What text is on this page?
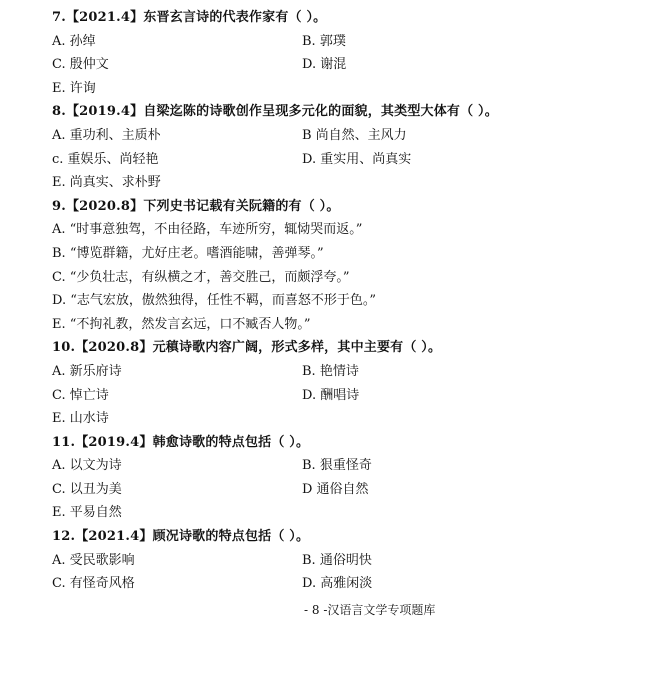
7.【2021.4】东晋玄言诗的代表作家有（ ）。
A. 孙绰	B. 郭璞
C. 殷仲文	D. 谢混
E. 许询
8.【2019.4】自梁迄陈的诗歌创作呈现多元化的面貌，其类型大体有（ ）。
A. 重功利、主质朴	B 尚自然、主风力
c. 重娱乐、尚轻艳	D. 重实用、尚真实
E. 尚真实、求朴野
9.【2020.8】下列史书记载有关阮籍的有（ ）。
A. “时事意独驾，不由径路，车迹所穷，辄恸哭而返。”
B. “博览群籍，尤好庄老。嗜酒能啸，善弹琴。”
C. “少负壮志，有纵横之才，善交胜己，而颇浮夸。”
D. “志气宏放，傲然独得，任性不羁，而喜怒不形于色。”
E. “不拘礼教，然发言玄远，口不臧否人物。”
10.【2020.8】元稹诗歌内容广阔，形式多样，其中主要有（ ）。
A. 新乐府诗	B. 艳情诗
C. 悼亡诗	D. 酬唱诗
E. 山水诗
11.【2019.4】韩愈诗歌的特点包括（ ）。
A. 以文为诗	B. 狠重怪奇
C. 以丑为美	D 通俗自然
E. 平易自然
12.【2021.4】顾况诗歌的特点包括（ ）。
A. 受民歌影响	B. 通俗明快
C. 有怪奇风格	D. 高雅闲淡
- 8 -汉语言文学专项题库
